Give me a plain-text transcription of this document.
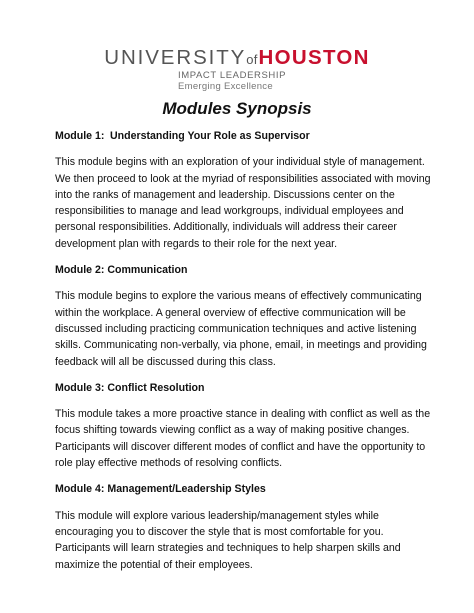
UNIVERSITYofHOUSTON
IMPACT LEADERSHIP
Emerging Excellence
Modules Synopsis
Module 1: Understanding Your Role as Supervisor
This module begins with an exploration of your individual style of management.
We then proceed to look at the myriad of responsibilities associated with moving
into the ranks of management and leadership. Discussions center on the
responsibilities to manage and lead workgroups, individual employees and
personal responsibilities. Additionally, individuals will address their career
development plan with regards to their role for the next year.
Module 2: Communication
This module begins to explore the various means of effectively communicating
within the workplace. A general overview of effective communication will be
discussed including practicing communication techniques and active listening
skills. Communicating non-verbally, via phone, email, in meetings and providing
feedback will all be discussed during this class.
Module 3: Conflict Resolution
This module takes a more proactive stance in dealing with conflict as well as the
focus shifting towards viewing conflict as a way of making positive changes.
Participants will discover different modes of conflict and have the opportunity to
role play effective methods of resolving conflicts.
Module 4: Management/Leadership Styles
This module will explore various leadership/management styles while
encouraging you to discover the style that is most comfortable for you.
Participants will learn strategies and techniques to help sharpen skills and
maximize the potential of their employees.
